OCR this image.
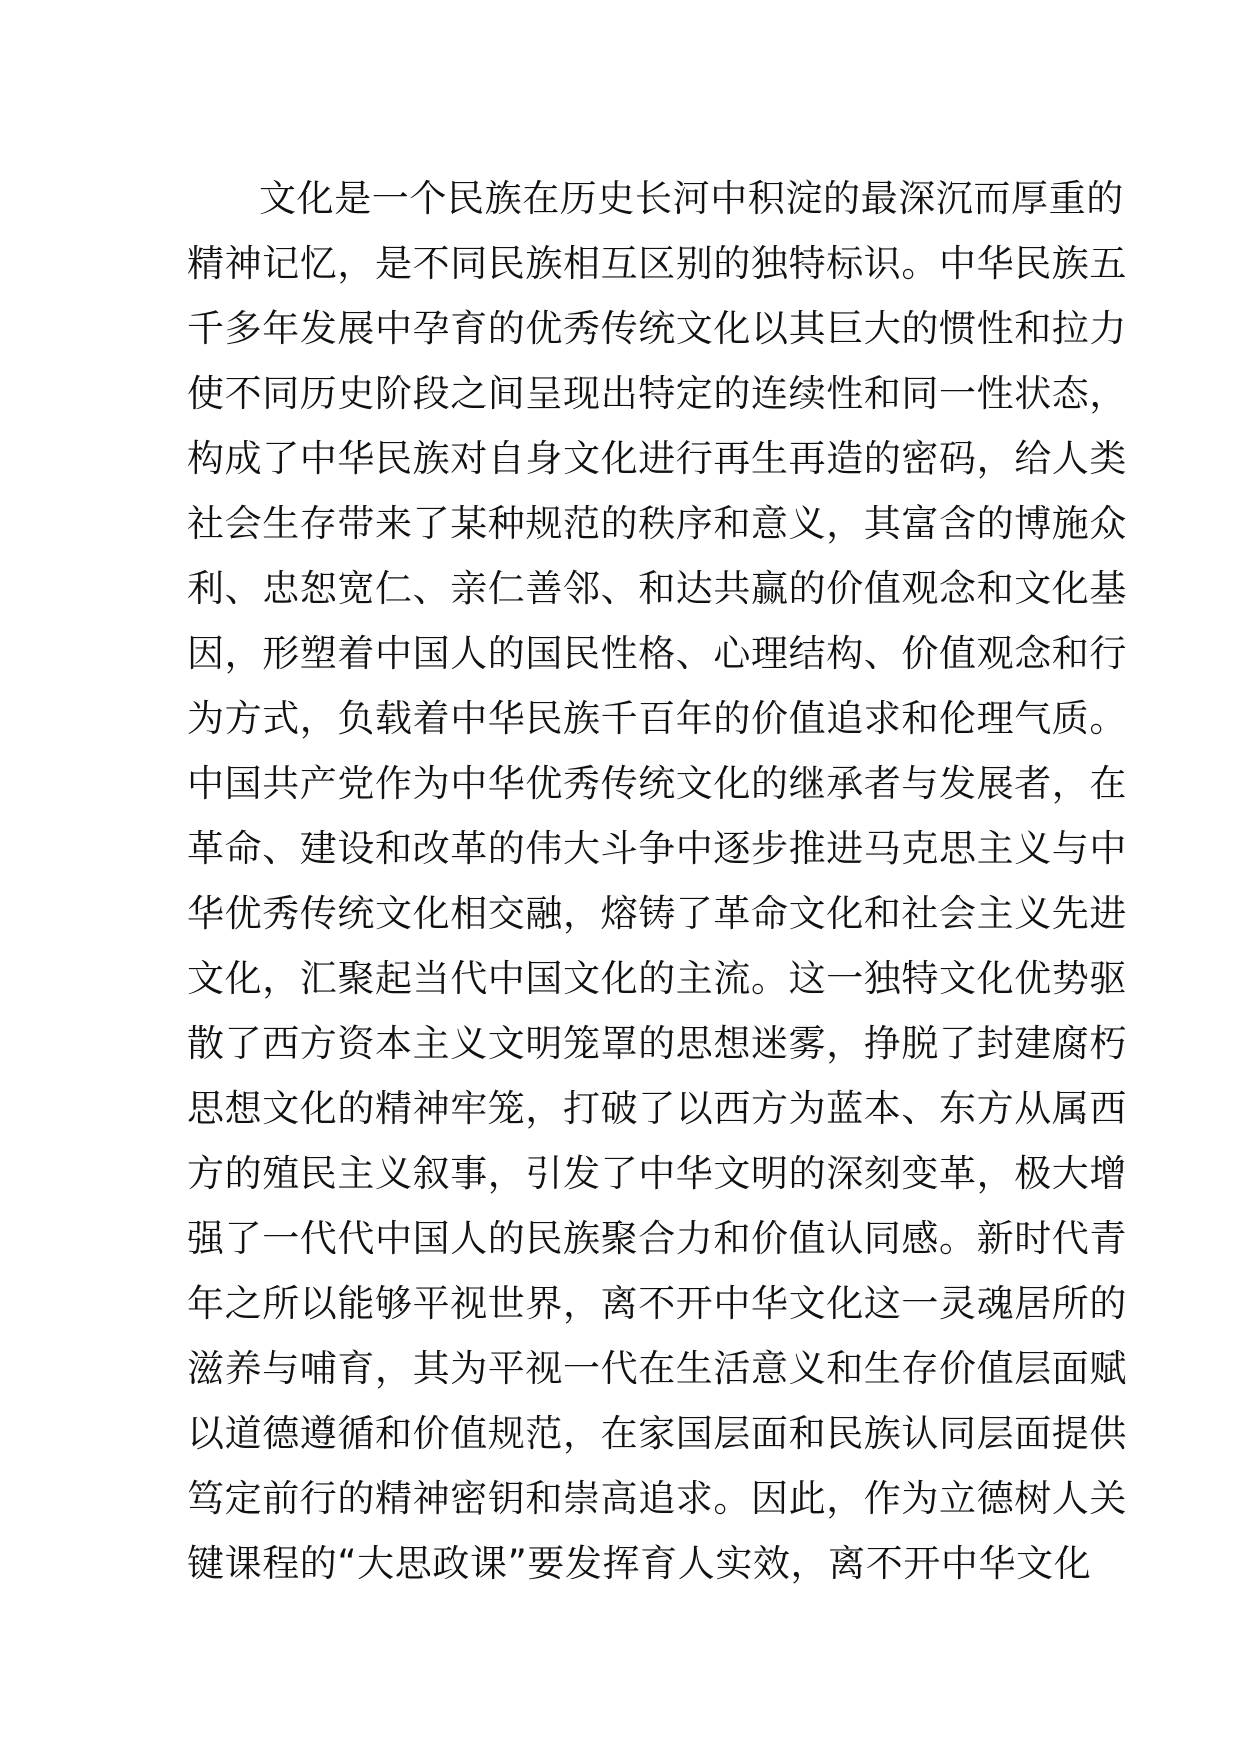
文化是一个民族在历史长河中积淀的最深沉而厚重的
精神记忆，是不同民族相互区别的独特标识。中华民族五
千多年发展中孕育的优秀传统文化以其巨大的惯性和拉力
使不同历史阶段之间呈现出特定的连续性和同一性状态，
构成了中华民族对自身文化进行再生再造的密码，给人类
社会生存带来了某种规范的秩序和意义，其富含的博施众
利、忠恕宽仁、亲仁善邻、和达共赢的价值观念和文化基
因，形塑着中国人的国民性格、心理结构、价值观念和行
为方式，负载着中华民族千百年的价值追求和伦理气质。
中国共产党作为中华优秀传统文化的继承者与发展者，在
革命、建设和改革的伟大斗争中逐步推进马克思主义与中
华优秀传统文化相交融，熔铸了革命文化和社会主义先进
文化，汇聚起当代中国文化的主流。这一独特文化优势驱
散了西方资本主义文明笼罩的思想迷雾，挣脱了封建腐朽
思想文化的精神牢笼，打破了以西方为蓝本、东方从属西
方的殖民主义叙事，引发了中华文明的深刻变革，极大增
强了一代代中国人的民族聚合力和价值认同感。新时代青
年之所以能够平视世界，离不开中华文化这一灵魂居所的
滋养与哺育，其为平视一代在生活意义和生存价值层面赋
以道德遵循和价值规范，在家国层面和民族认同层面提供
笃定前行的精神密钥和崇高追求。因此，作为立德树人关
键课程的“大思政课”要发挥育人实效，离不开中华文化
